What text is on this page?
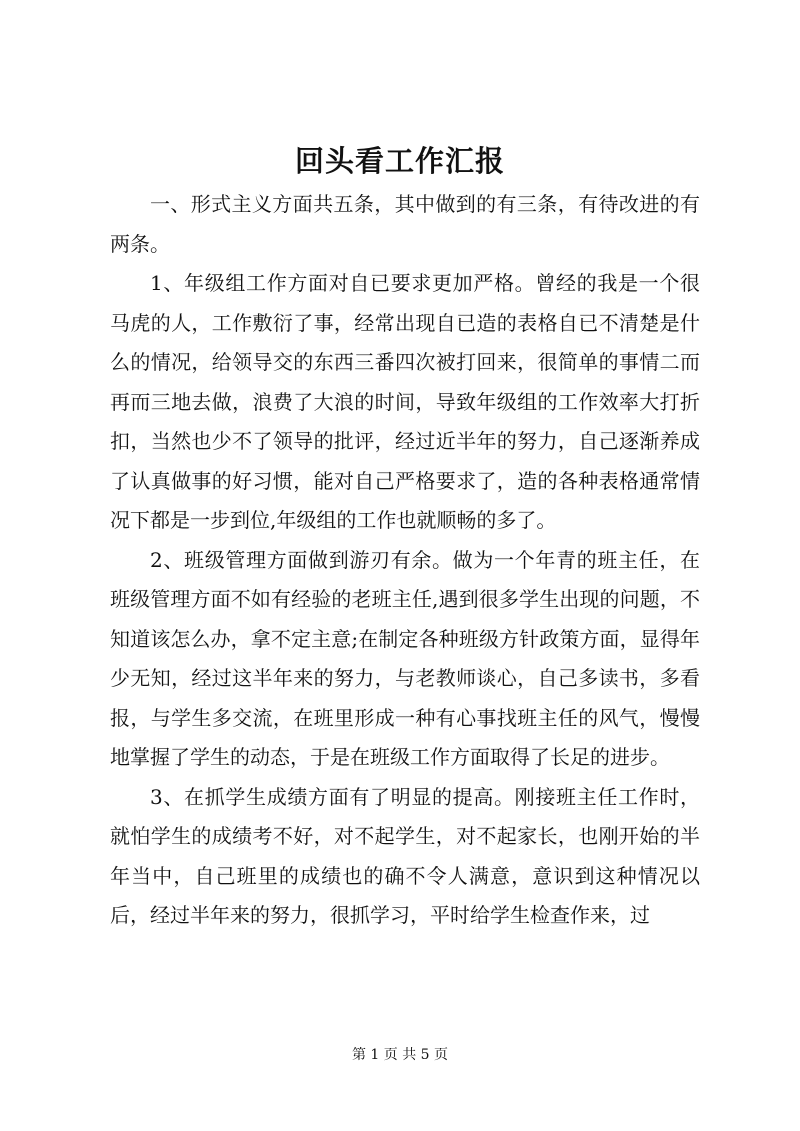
回头看工作汇报

一、形式主义方面共五条，其中做到的有三条，有待改进的有两条。

1、年级组工作方面对自已要求更加严格。曾经的我是一个很马虎的人，工作敷衍了事，经常出现自已造的表格自已不清楚是什么的情况，给领导交的东西三番四次被打回来，很简单的事情二而再而三地去做，浪费了大浪的时间，导致年级组的工作效率大打折扣，当然也少不了领导的批评，经过近半年的努力，自己逐渐养成了认真做事的好习惯，能对自己严格要求了，造的各种表格通常情况下都是一步到位,年级组的工作也就顺畅的多了。

2、班级管理方面做到游刃有余。做为一个年青的班主任，在班级管理方面不如有经验的老班主任,遇到很多学生出现的问题，不知道该怎么办，拿不定主意;在制定各种班级方针政策方面，显得年少无知，经过这半年来的努力，与老教师谈心，自己多读书，多看报，与学生多交流，在班里形成一种有心事找班主任的风气，慢慢地掌握了学生的动态，于是在班级工作方面取得了长足的进步。

3、在抓学生成绩方面有了明显的提高。刚接班主任工作时，就怕学生的成绩考不好，对不起学生，对不起家长，也刚开始的半年当中，自己班里的成绩也的确不令人满意，意识到这种情况以后，经过半年来的努力，很抓学习，平时给学生检查作来，过

第 1 页 共 5 页
